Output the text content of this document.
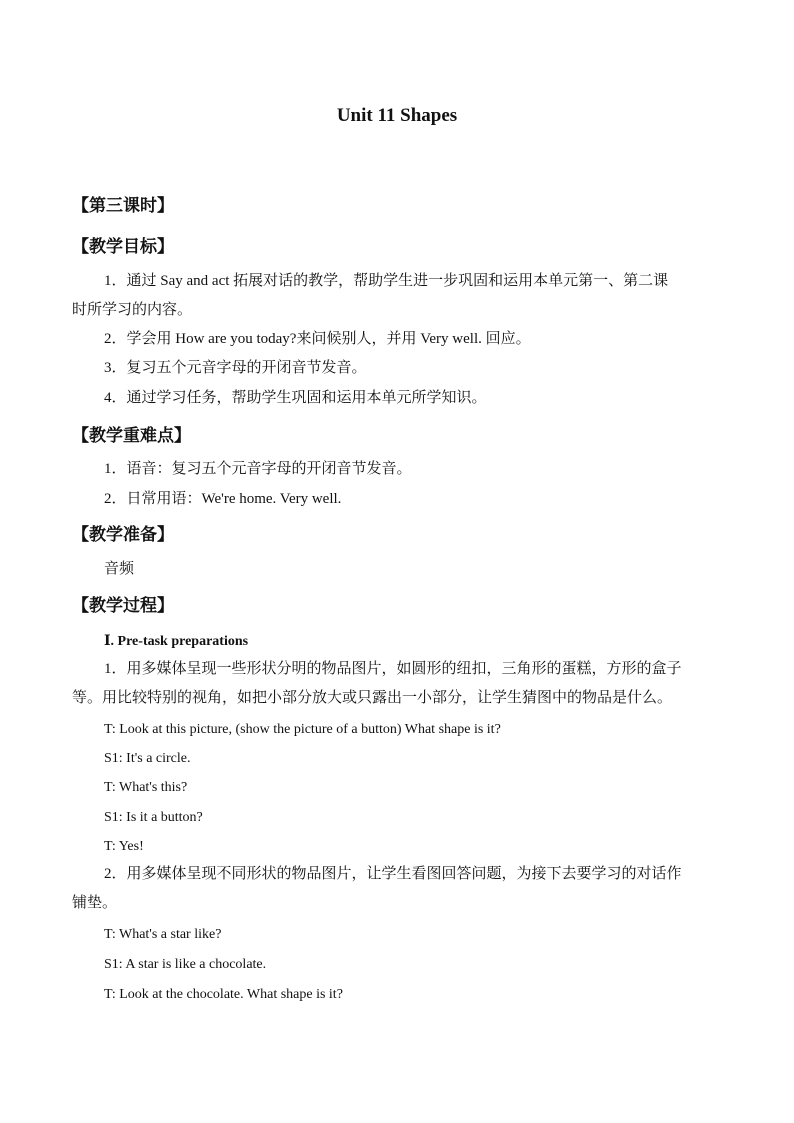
Unit 11 Shapes
【第三课时】
【教学目标】
1．通过 Say and act 拓展对话的教学，帮助学生进一步巩固和运用本单元第一、第二课
时所学习的内容。
2．学会用 How are you today?来问候别人，并用 Very well. 回应。
3．复习五个元音字母的开闭音节发音。
4．通过学习任务，帮助学生巩固和运用本单元所学知识。
【教学重难点】
1．语音：复习五个元音字母的开闭音节发音。
2．日常用语：We're home. Very well.
【教学准备】
音频
【教学过程】
Ⅰ. Pre-task preparations
1．用多媒体呈现一些形状分明的物品图片，如圆形的纽扣，三角形的蛋糕，方形的盒子
等。用比较特别的视角，如把小部分放大或只露出一小部分，让学生猜图中的物品是什么。
T: Look at this picture, (show the picture of a button) What shape is it?
S1: It's a circle.
T: What's this?
S1: Is it a button?
T: Yes!
2．用多媒体呈现不同形状的物品图片，让学生看图回答问题，为接下去要学习的对话作
铺垫。
T: What's a star like?
S1: A star is like a chocolate.
T: Look at the chocolate. What shape is it?
